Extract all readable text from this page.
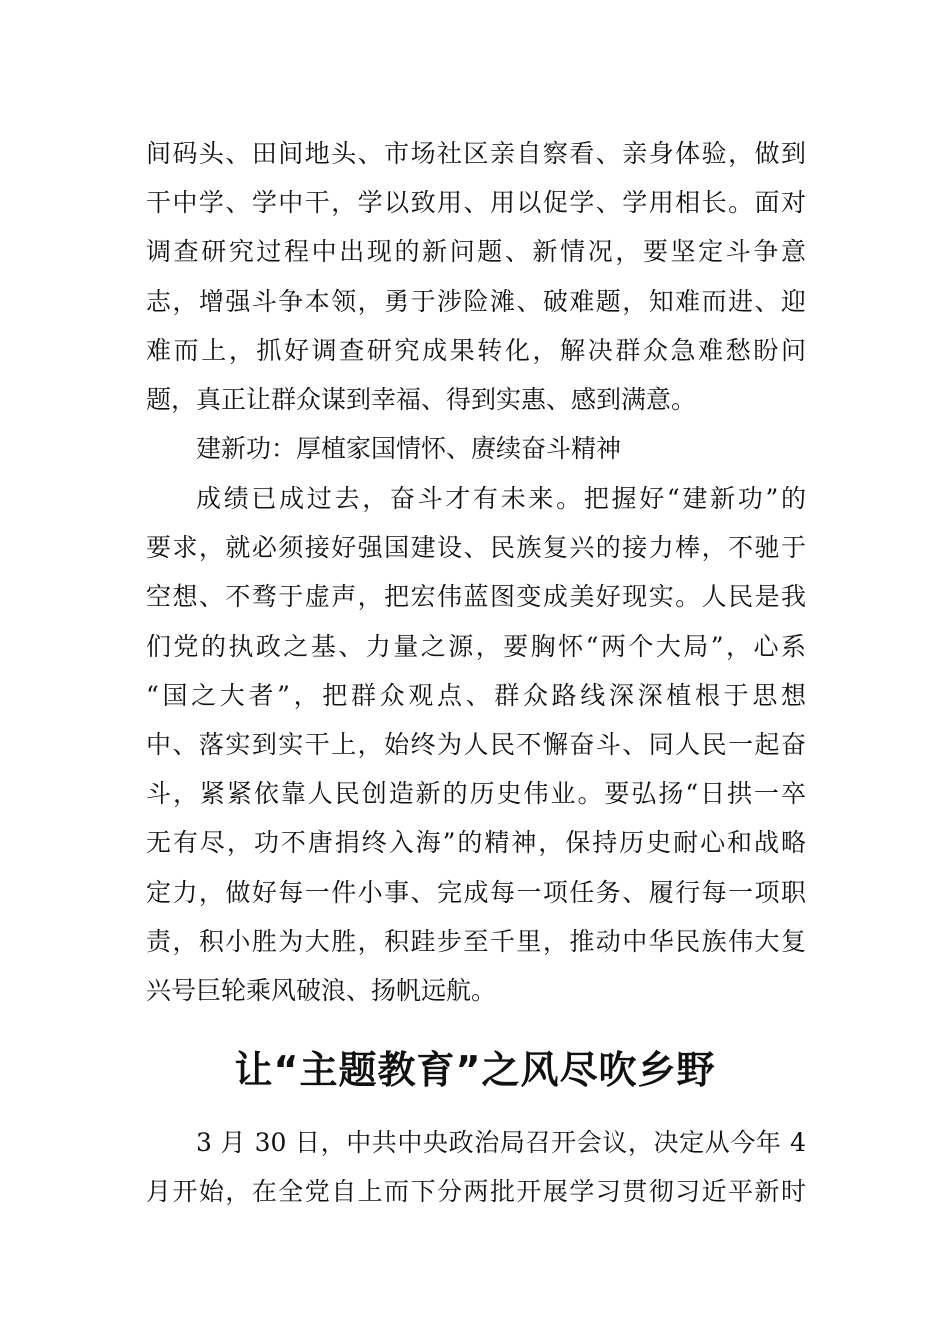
间码头、田间地头、市场社区亲自察看、亲身体验，做到
干中学、学中干，学以致用、用以促学、学用相长。面对
调查研究过程中出现的新问题、新情况，要坚定斗争意
志，增强斗争本领，勇于涉险滩、破难题，知难而进、迎
难而上，抓好调查研究成果转化，解决群众急难愁盼问
题，真正让群众谋到幸福、得到实惠、感到满意。
建新功：厚植家国情怀、赓续奋斗精神
成绩已成过去，奋斗才有未来。把握好“建新功”的
要求，就必须接好强国建设、民族复兴的接力棒，不驰于
空想、不骛于虚声，把宏伟蓝图变成美好现实。人民是我
们党的执政之基、力量之源，要胸怀“两个大局”，心系
“国之大者”，把群众观点、群众路线深深植根于思想
中、落实到实干上，始终为人民不懈奋斗、同人民一起奋
斗，紧紧依靠人民创造新的历史伟业。要弘扬“日拱一卒
无有尽，功不唐捐终入海”的精神，保持历史耐心和战略
定力，做好每一件小事、完成每一项任务、履行每一项职
责，积小胜为大胜，积跬步至千里，推动中华民族伟大复
兴号巨轮乘风破浪、扬帆远航。
让“主题教育”之风尽吹乡野
3 月 30 日，中共中央政治局召开会议，决定从今年 4
月开始，在全党自上而下分两批开展学习贯彻习近平新时
